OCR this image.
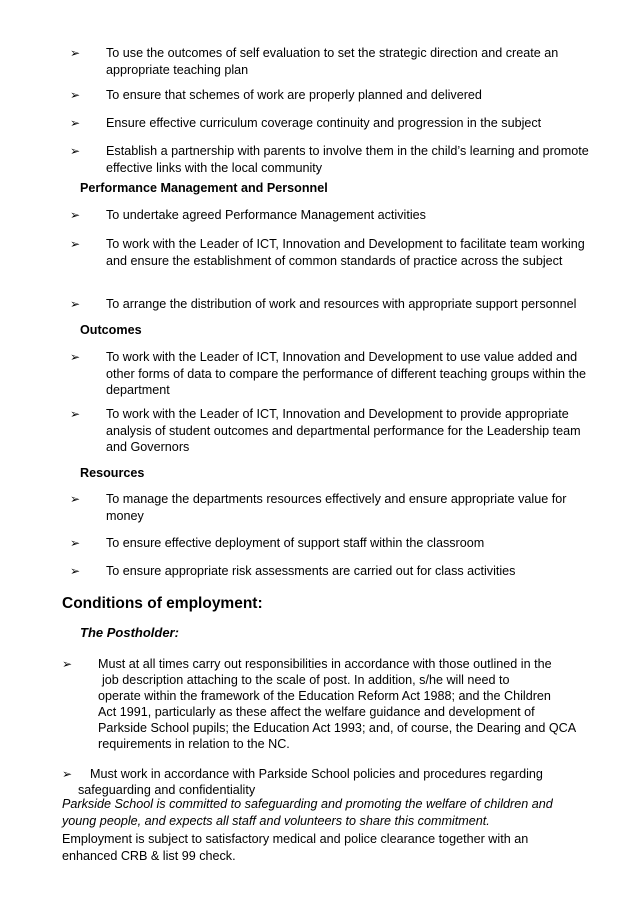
➢ To use the outcomes of self evaluation to set the strategic direction and create an appropriate teaching plan
➢ To ensure that schemes of work are properly planned and delivered
➢ Ensure effective curriculum coverage continuity and progression in the subject
➢ Establish a partnership with parents to involve them in the child’s learning and promote effective links with the local community
Performance Management and Personnel
➢ To undertake agreed Performance Management activities
➢ To work with the Leader of ICT, Innovation and Development to facilitate team working and ensure the establishment of common standards of practice across the subject
➢ To arrange the distribution of work and resources with appropriate support personnel
Outcomes
➢ To work with the Leader of ICT, Innovation and Development to use value added and other forms of data to compare the performance of different teaching groups within the department
➢ To work with the Leader of ICT, Innovation and Development to provide appropriate analysis of student outcomes and departmental performance for the Leadership team and Governors
Resources
➢ To manage the departments resources effectively and ensure appropriate value for money
➢ To ensure effective deployment of support staff within the classroom
➢ To ensure appropriate risk assessments are carried out for class activities
Conditions of employment:
The Postholder:
➢ Must at all times carry out responsibilities in accordance with those outlined in the
job description attaching to the scale of post. In addition, s/he will need to
operate within the framework of the Education Reform Act 1988; and the Children
Act 1991, particularly as these affect the welfare guidance and development of
Parkside School pupils; the Education Act 1993; and, of course, the Dearing and QCA
requirements in relation to the NC.
➢ Must work in accordance with Parkside School policies and procedures regarding
safeguarding and confidentiality
Parkside School is committed to safeguarding and promoting the welfare of children and young people, and expects all staff and volunteers to share this commitment.
Employment is subject to satisfactory medical and police clearance together with an enhanced CRB & list 99 check.
